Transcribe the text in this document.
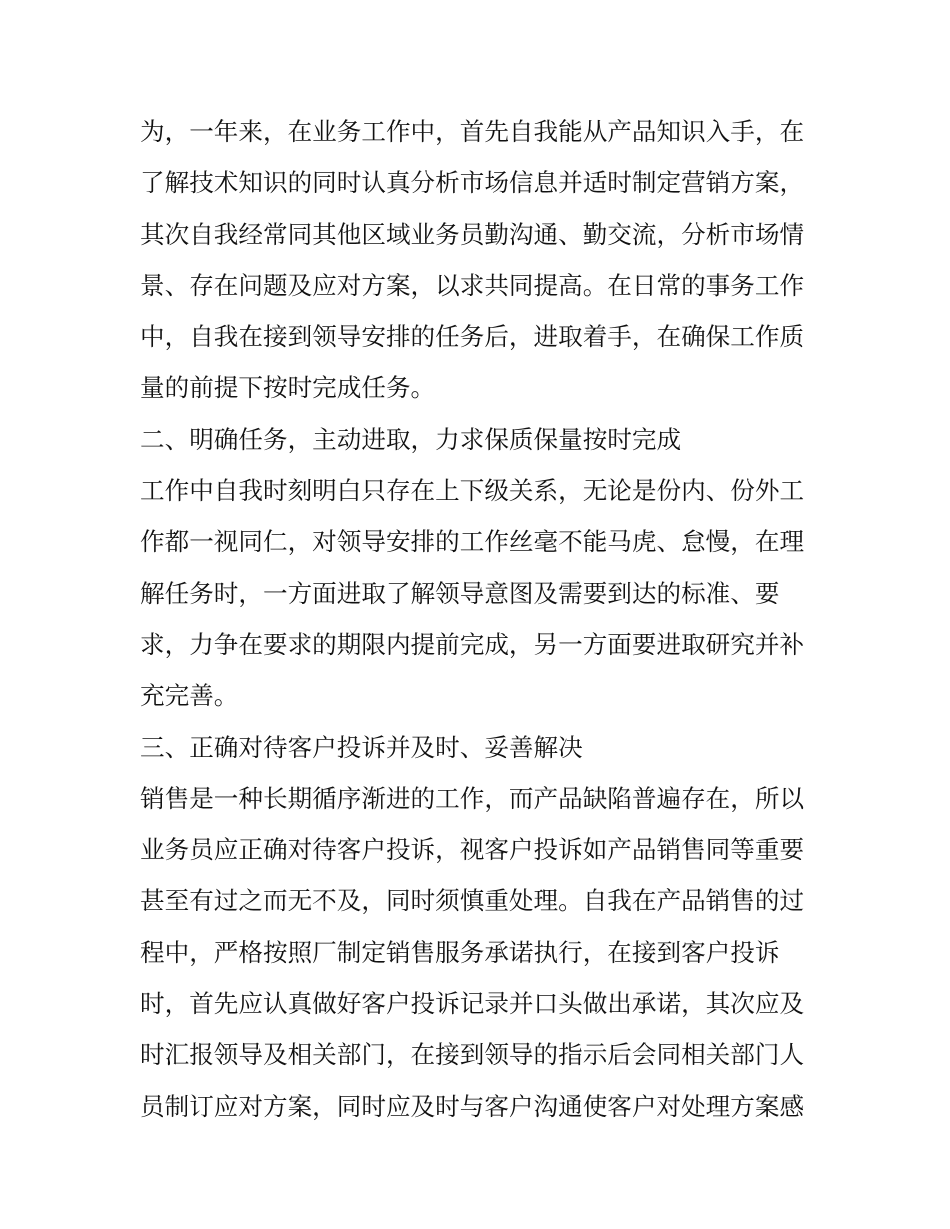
为，一年来，在业务工作中，首先自我能从产品知识入手，在
了解技术知识的同时认真分析市场信息并适时制定营销方案，
其次自我经常同其他区域业务员勤沟通、勤交流，分析市场情
景、存在问题及应对方案，以求共同提高。在日常的事务工作
中，自我在接到领导安排的任务后，进取着手，在确保工作质
量的前提下按时完成任务。
二、明确任务，主动进取，力求保质保量按时完成
工作中自我时刻明白只存在上下级关系，无论是份内、份外工
作都一视同仁，对领导安排的工作丝毫不能马虎、怠慢，在理
解任务时，一方面进取了解领导意图及需要到达的标准、要
求，力争在要求的期限内提前完成，另一方面要进取研究并补
充完善。
三、正确对待客户投诉并及时、妥善解决
销售是一种长期循序渐进的工作，而产品缺陷普遍存在，所以
业务员应正确对待客户投诉，视客户投诉如产品销售同等重要
甚至有过之而无不及，同时须慎重处理。自我在产品销售的过
程中，严格按照厂制定销售服务承诺执行，在接到客户投诉
时，首先应认真做好客户投诉记录并口头做出承诺，其次应及
时汇报领导及相关部门，在接到领导的指示后会同相关部门人
员制订应对方案，同时应及时与客户沟通使客户对处理方案感
